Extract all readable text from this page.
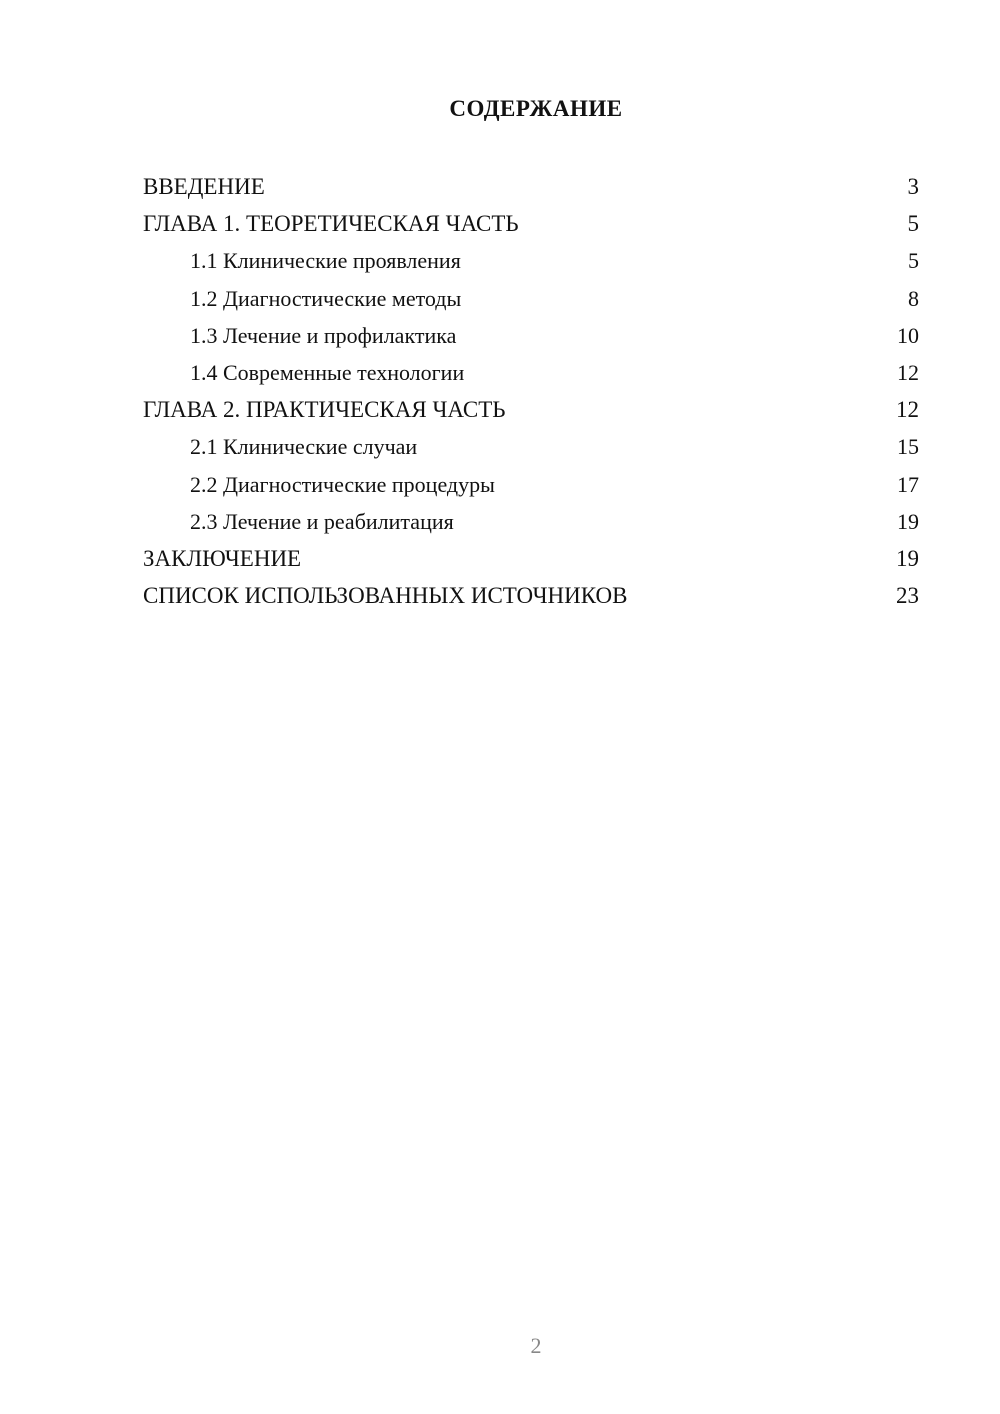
СОДЕРЖАНИЕ
ВВЕДЕНИЕ	3
ГЛАВА 1. ТЕОРЕТИЧЕСКАЯ ЧАСТЬ	5
1.1 Клинические проявления	5
1.2 Диагностические методы	8
1.3 Лечение и профилактика	10
1.4 Современные технологии	12
ГЛАВА 2. ПРАКТИЧЕСКАЯ ЧАСТЬ	12
2.1 Клинические случаи	15
2.2 Диагностические процедуры	17
2.3 Лечение и реабилитация	19
ЗАКЛЮЧЕНИЕ	19
СПИСОК ИСПОЛЬЗОВАННЫХ ИСТОЧНИКОВ	23
2
